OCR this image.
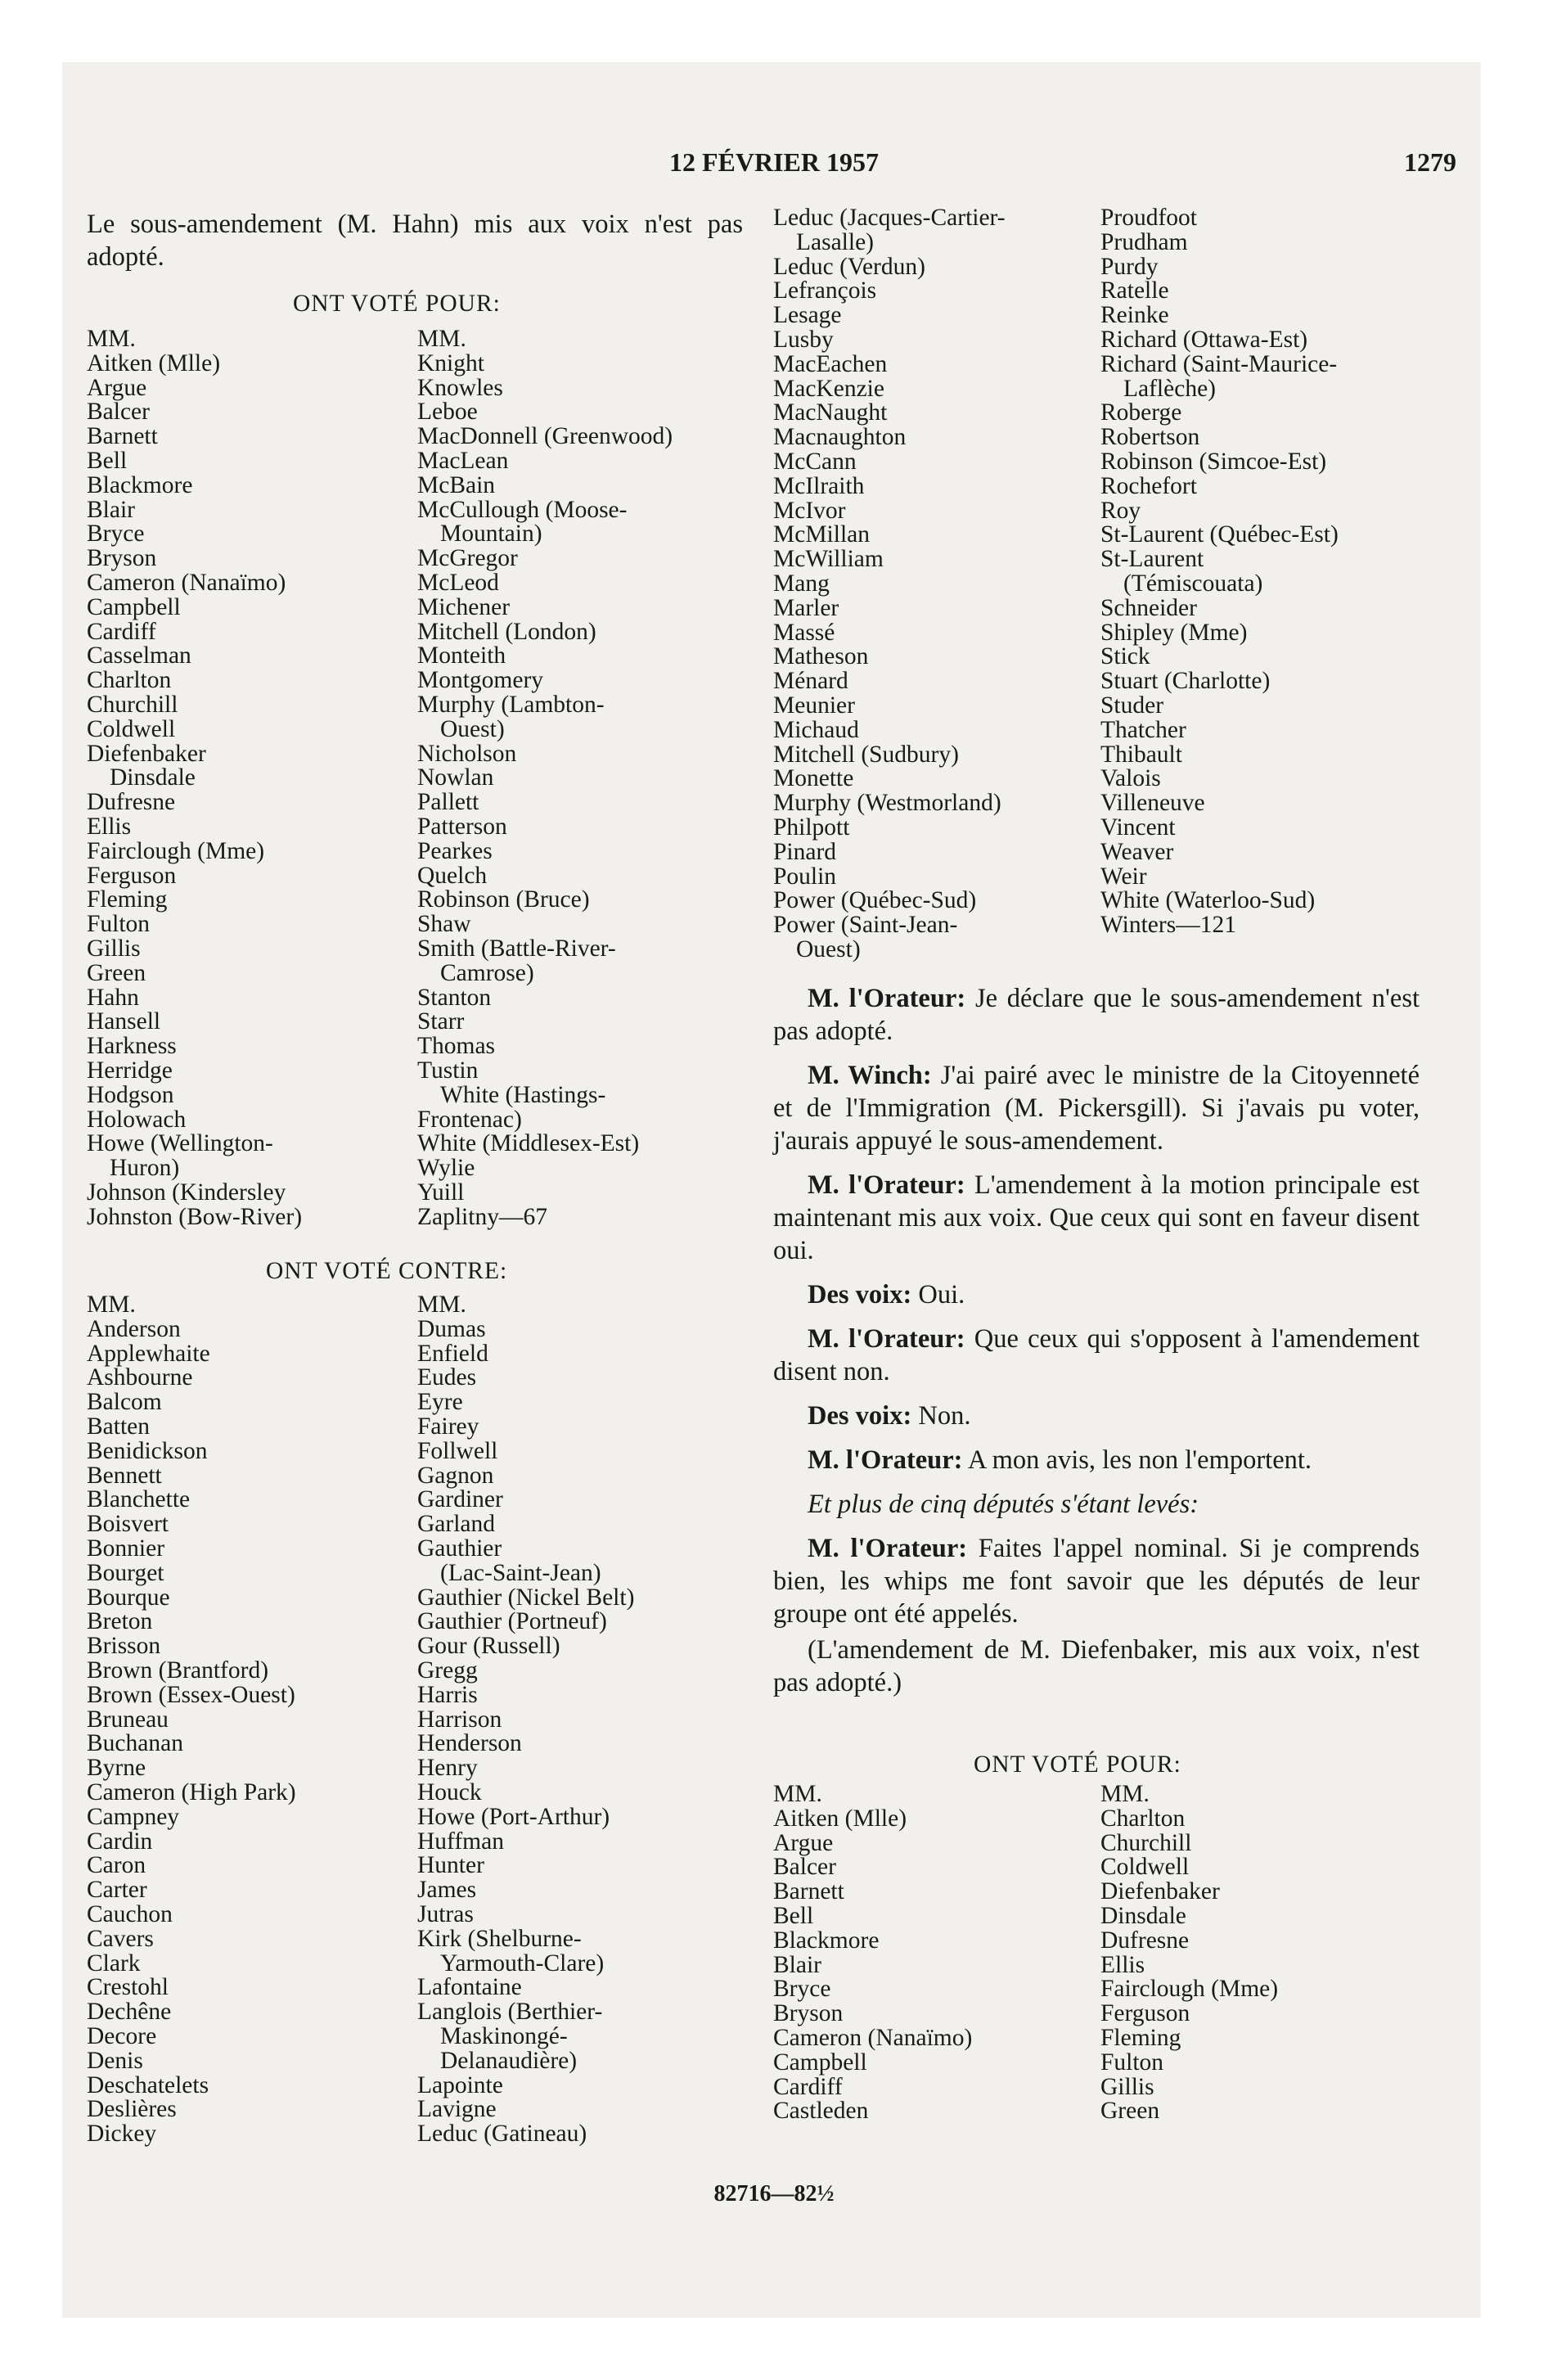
12 FÉVRIER 1957	1279
Le sous-amendement (M. Hahn) mis aux voix n'est pas adopté.
ONT VOTÉ POUR:
MM.
Aitken (Mlle)
Argue
Balcer
Barnett
Bell
Blackmore
Blair
Bryce
Bryson
Cameron (Nanaïmo)
Campbell
Cardiff
Casselman
Charlton
Churchill
Coldwell
Diefenbaker
Dinsdale
Dufresne
Ellis
Fairclough (Mme)
Ferguson
Fleming
Fulton
Gillis
Green
Hahn
Hansell
Harkness
Herridge
Hodgson
Holowach
Howe (Wellington-
Huron)
Johnson (Kindersley
Johnston (Bow-River)
MM.
Knight
Knowles
Leboe
MacDonnell (Greenwood)
MacLean
McBain
McCullough (Moose-
Mountain)
McGregor
McLeod
Michener
Mitchell (London)
Monteith
Montgomery
Murphy (Lambton-
Ouest)
Nicholson
Nowlan
Pallett
Patterson
Pearkes
Quelch
Robinson (Bruce)
Shaw
Smith (Battle-River-
Camrose)
Stanton
Starr
Thomas
Tustin
White (Hastings-
Frontenac)
White (Middlesex-Est)
Wylie
Yuill
Zaplitny—67
ONT VOTÉ CONTRE:
MM.
Anderson
Applewhaite
Ashbourne
Balcom
Batten
Benidickson
Bennett
Blanchette
Boisvert
Bonnier
Bourget
Bourque
Breton
Brisson
Brown (Brantford)
Brown (Essex-Ouest)
Bruneau
Buchanan
Byrne
Cameron (High Park)
Campney
Cardin
Caron
Carter
Cauchon
Cavers
Clark
Crestohl
Dechêne
Decore
Denis
Deschatelets
Deslières
Dickey
MM.
Dumas
Enfield
Eudes
Eyre
Fairey
Follwell
Gagnon
Gardiner
Garland
Gauthier
(Lac-Saint-Jean)
Gauthier (Nickel Belt)
Gauthier (Portneuf)
Gour (Russell)
Gregg
Harris
Harrison
Henderson
Henry
Houck
Howe (Port-Arthur)
Huffman
Hunter
James
Jutras
Kirk (Shelburne-
Yarmouth-Clare)
Lafontaine
Langlois (Berthier-
Maskinongé-
Delanaudière)
Lapointe
Lavigne
Leduc (Gatineau)
Leduc (Jacques-Cartier-
Lasalle)
Leduc (Verdun)
Lefrançois
Lesage
Lusby
MacEachen
MacKenzie
MacNaught
Macnaughton
McCann
McIlraith
McIvor
McMillan
McWilliam
Mang
Marler
Massé
Matheson
Ménard
Meunier
Michaud
Mitchell (Sudbury)
Monette
Murphy (Westmorland)
Philpott
Pinard
Poulin
Power (Québec-Sud)
Power (Saint-Jean-
Ouest)
Proudfoot
Prudham
Purdy
Ratelle
Reinke
Richard (Ottawa-Est)
Richard (Saint-Maurice-
Laflèche)
Roberge
Robertson
Robinson (Simcoe-Est)
Rochefort
Roy
St-Laurent (Québec-Est)
St-Laurent
(Témiscouata)
Schneider
Shipley (Mme)
Stick
Stuart (Charlotte)
Studer
Thatcher
Thibault
Valois
Villeneuve
Vincent
Weaver
Weir
White (Waterloo-Sud)
Winters—121

M. l'Orateur: Je déclare que le sous-amendement n'est pas adopté.

M. Winch: J'ai pairé avec le ministre de la Citoyenneté et de l'Immigration (M. Pickersgill). Si j'avais pu voter, j'aurais appuyé le sous-amendement.

M. l'Orateur: L'amendement à la motion principale est maintenant mis aux voix. Que ceux qui sont en faveur disent oui.

Des voix: Oui.

M. l'Orateur: Que ceux qui s'opposent à l'amendement disent non.

Des voix: Non.

M. l'Orateur: A mon avis, les non l'emportent.

Et plus de cinq députés s'étant levés:

M. l'Orateur: Faites l'appel nominal. Si je comprends bien, les whips me font savoir que les députés de leur groupe ont été appelés.

(L'amendement de M. Diefenbaker, mis aux voix, n'est pas adopté.)

ONT VOTÉ POUR:
MM.
Aitken (Mlle)
Argue
Balcer
Barnett
Bell
Blackmore
Blair
Bryce
Bryson
Cameron (Nanaïmo)
Campbell
Cardiff
Castleden
MM.
Charlton
Churchill
Coldwell
Diefenbaker
Dinsdale
Dufresne
Ellis
Fairclough (Mme)
Ferguson
Fleming
Fulton
Gillis
Green
82716—82½
